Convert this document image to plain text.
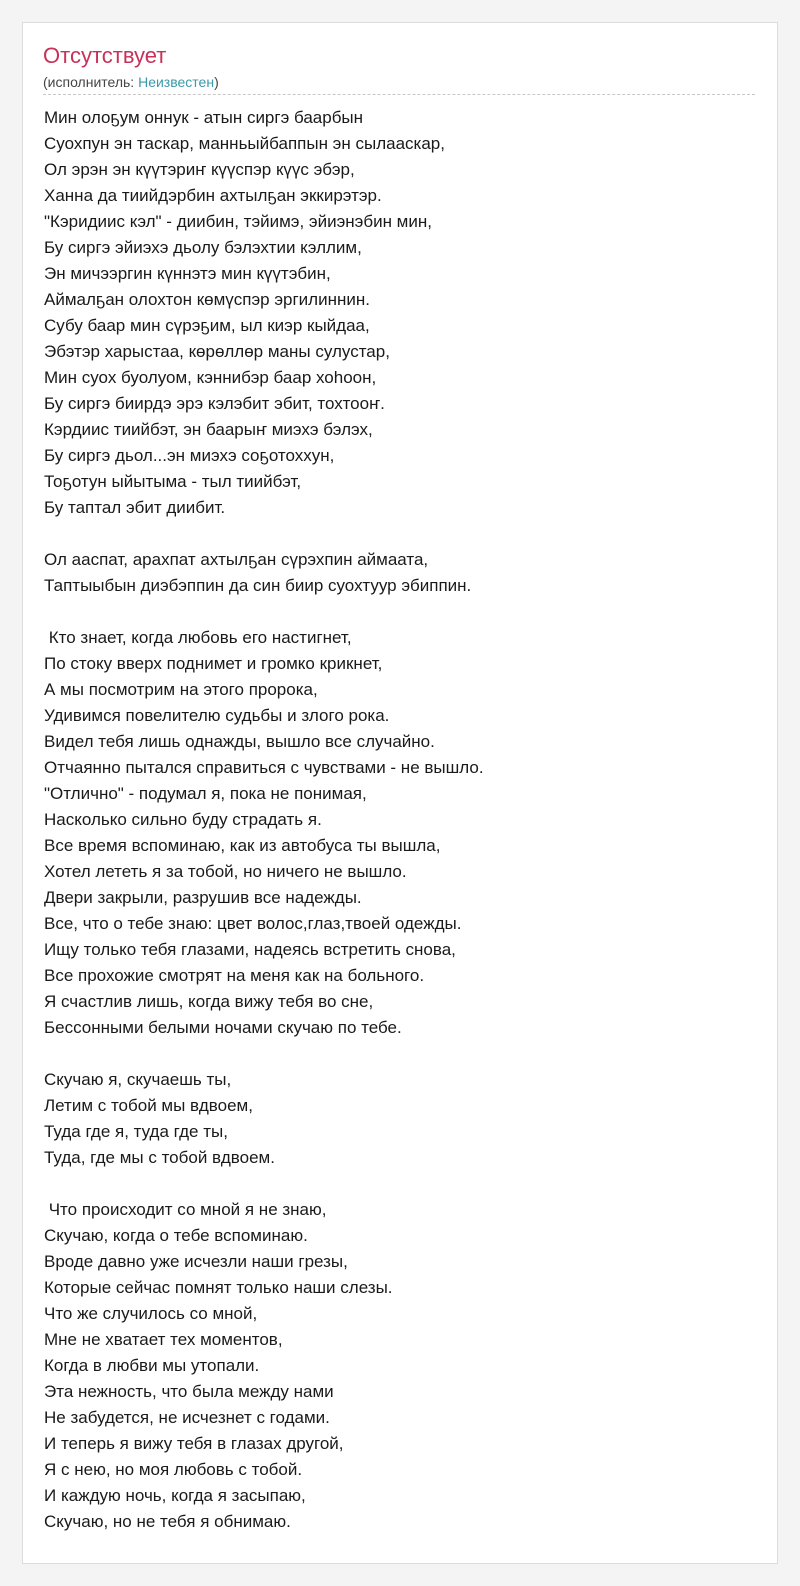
Отсутствует
(исполнитель: Неизвестен)
Мин олоҕум оннук - атын сиргэ баарбын
Суохпун эн таскар, манньыйбаппын эн сылааскар,
Ол эрэн эн күүтэриҥ күүспэр күүс эбэр,
Ханна да тиийдэрбин ахтылҕан эккирэтэр.
"Кэридиис кэл" - диибин, тэйимэ, эйиэнэбин мин,
Бу сиргэ эйиэхэ дьолу бэлэхтии кэллим,
Эн мичээргин күннэтэ мин күүтэбин,
Аймалҕан олохтон көмүспэр эргилиннин.
Субу баар мин сүрэҕим, ыл киэр кыйдаа,
Эбэтэр харыстаа, көрөллөр маны сулустар,
Мин суох буолуом, кэннибэр баар хоһоон,
Бу сиргэ биирдэ эрэ кэлэбит эбит, тохтооҥ.
Кэрдиис тиийбэт, эн баарыҥ миэхэ бэлэх,
Бу сиргэ дьол...эн миэхэ соҕотоххун,
Тоҕотун ыйытыма - тыл тиийбэт,
Бу таптал эбит диибит.

Ол аaспат, арахпат ахтылҕан сүрэхпин аймаата,
Таптыыбын диэбэппин да син биир суохтуур эбиппин.

Кто знает, когда любовь его настигнет,
По стоку вверх поднимет и громко крикнет,
А мы посмотрим на этого пророка,
Удивимся повелителю судьбы и злого рока.
Видел тебя лишь однажды, вышло все случайно.
Отчаянно пытался справиться с чувствами - не вышло.
"Отлично" - подумал я, пока не понимая,
Насколько сильно буду страдать я.
Все время вспоминаю, как из автобуса ты вышла,
Хотел лететь я за тобой, но ничего не вышло.
Двери закрыли, разрушив все надежды.
Все, что о тебе знаю: цвет волос,глаз,твоей одежды.
Ищу только тебя глазами, надеясь встретить снова,
Все прохожие смотрят на меня как на больного.
Я счастлив лишь, когда вижу тебя во сне,
Бессонными белыми ночами скучаю по тебе.

Скучаю я, скучаешь ты,
Летим с тобой мы вдвоем,
Туда где я, туда где ты,
Туда, где мы с тобой вдвоем.

Что происходит со мной я не знаю,
Скучаю, когда о тебе вспоминаю.
Вроде давно уже исчезли наши грезы,
Которые сейчас помнят только наши слезы.
Что же случилось со мной,
Мне не хватает тех моментов,
Когда в любви мы утопали.
Эта нежность, что была между нами
Не забудется, не исчезнет с годами.
И теперь я вижу тебя в глазах другой,
Я с нею, но моя любовь с тобой.
И каждую ночь, когда я засыпаю,
Скучаю, но не тебя я обнимаю.
